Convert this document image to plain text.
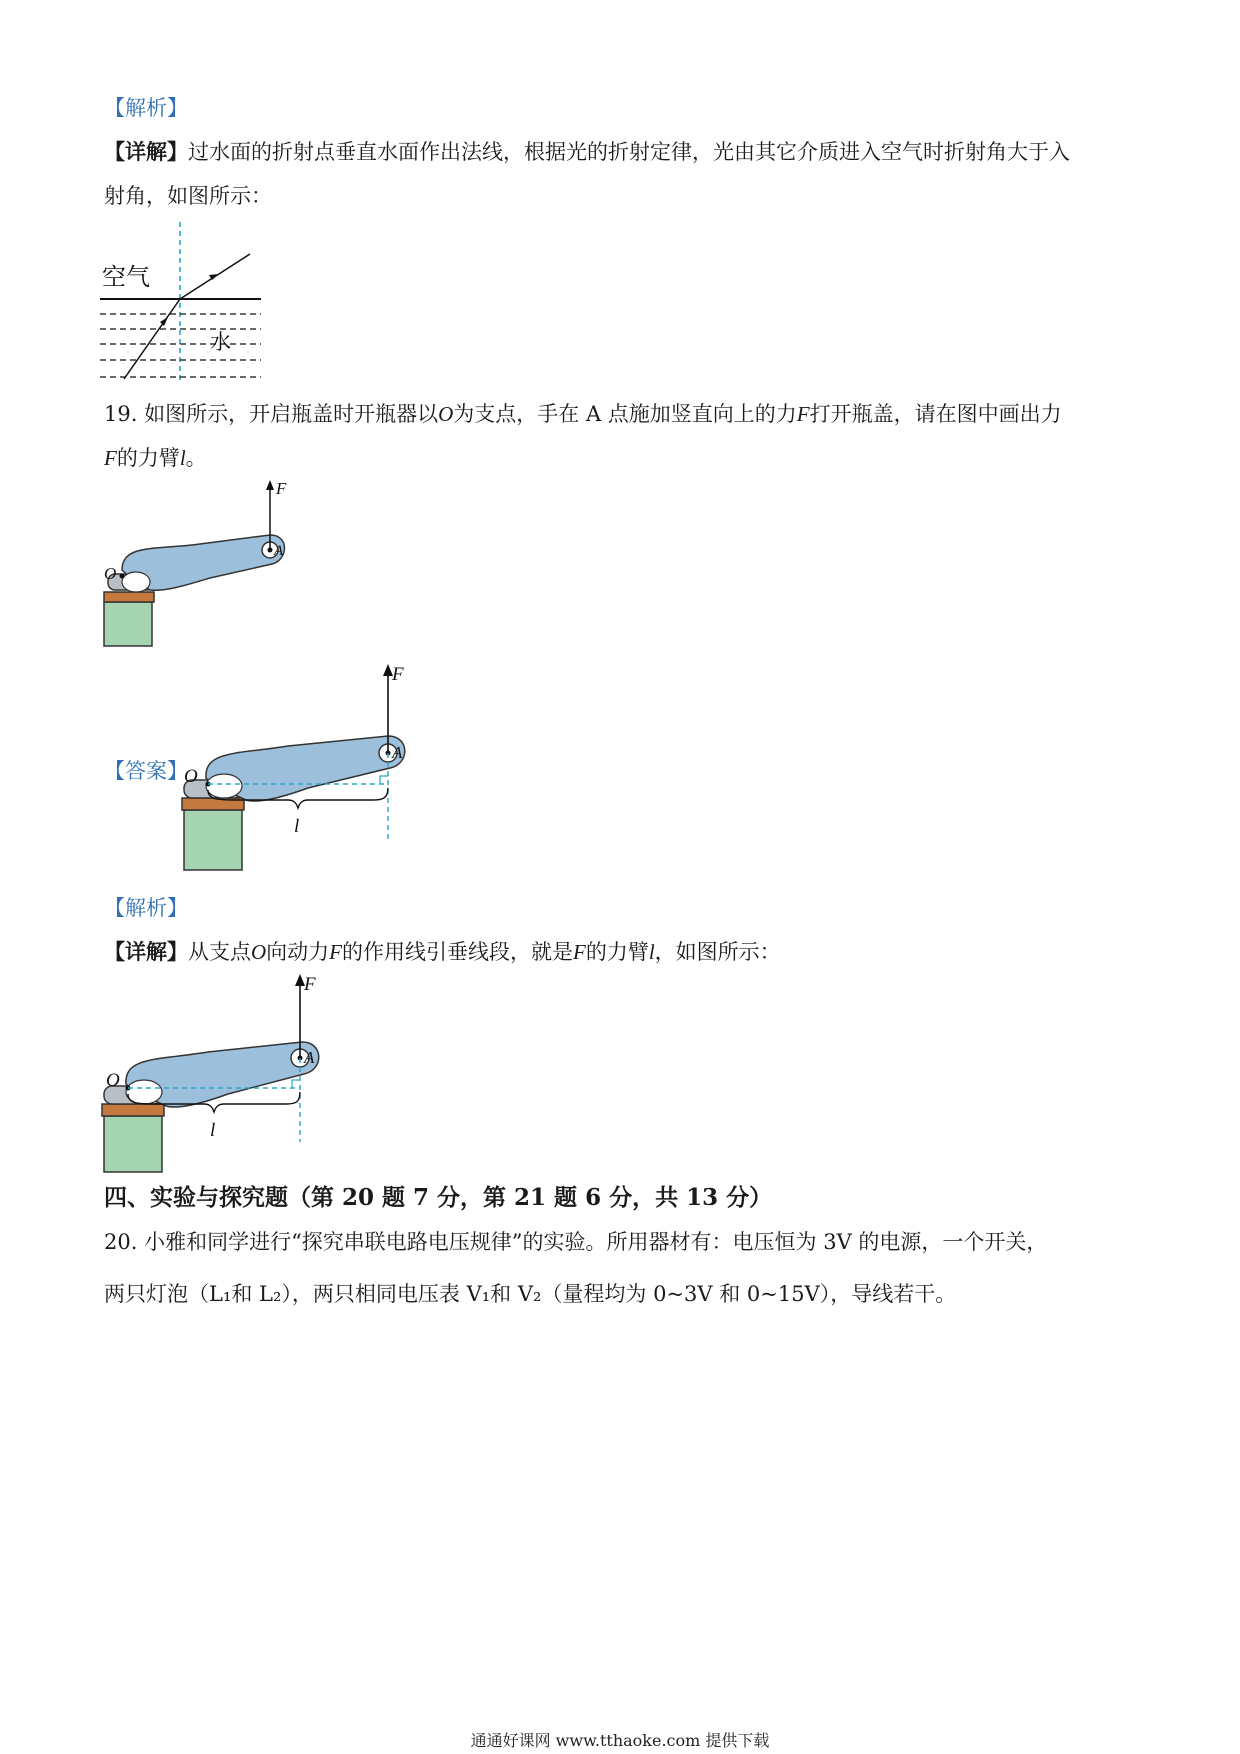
【解析】
【详解】过水面的折射点垂直水面作出法线，根据光的折射定律，光由其它介质进入空气时折射角大于入
射角，如图所示：
空气
水
19. 如图所示，开启瓶盖时开瓶器以O为支点，手在 A 点施加竖直向上的力F打开瓶盖，请在图中画出力
F的力臂l。
F
A
O
【答案】
F
A
O
l
【解析】
【详解】从支点O向动力F的作用线引垂线段，就是F的力臂l，如图所示：
F
A
O
l
四、实验与探究题（第 20 题 7 分，第 21 题 6 分，共 13 分）
20. 小雅和同学进行“探究串联电路电压规律”的实验。所用器材有：电压恒为 3V 的电源，一个开关，
两只灯泡（L₁和 L₂），两只相同电压表 V₁和 V₂（量程均为 0~3V 和 0~15V），导线若干。
通通好课网 www.tthaoke.com 提供下载
